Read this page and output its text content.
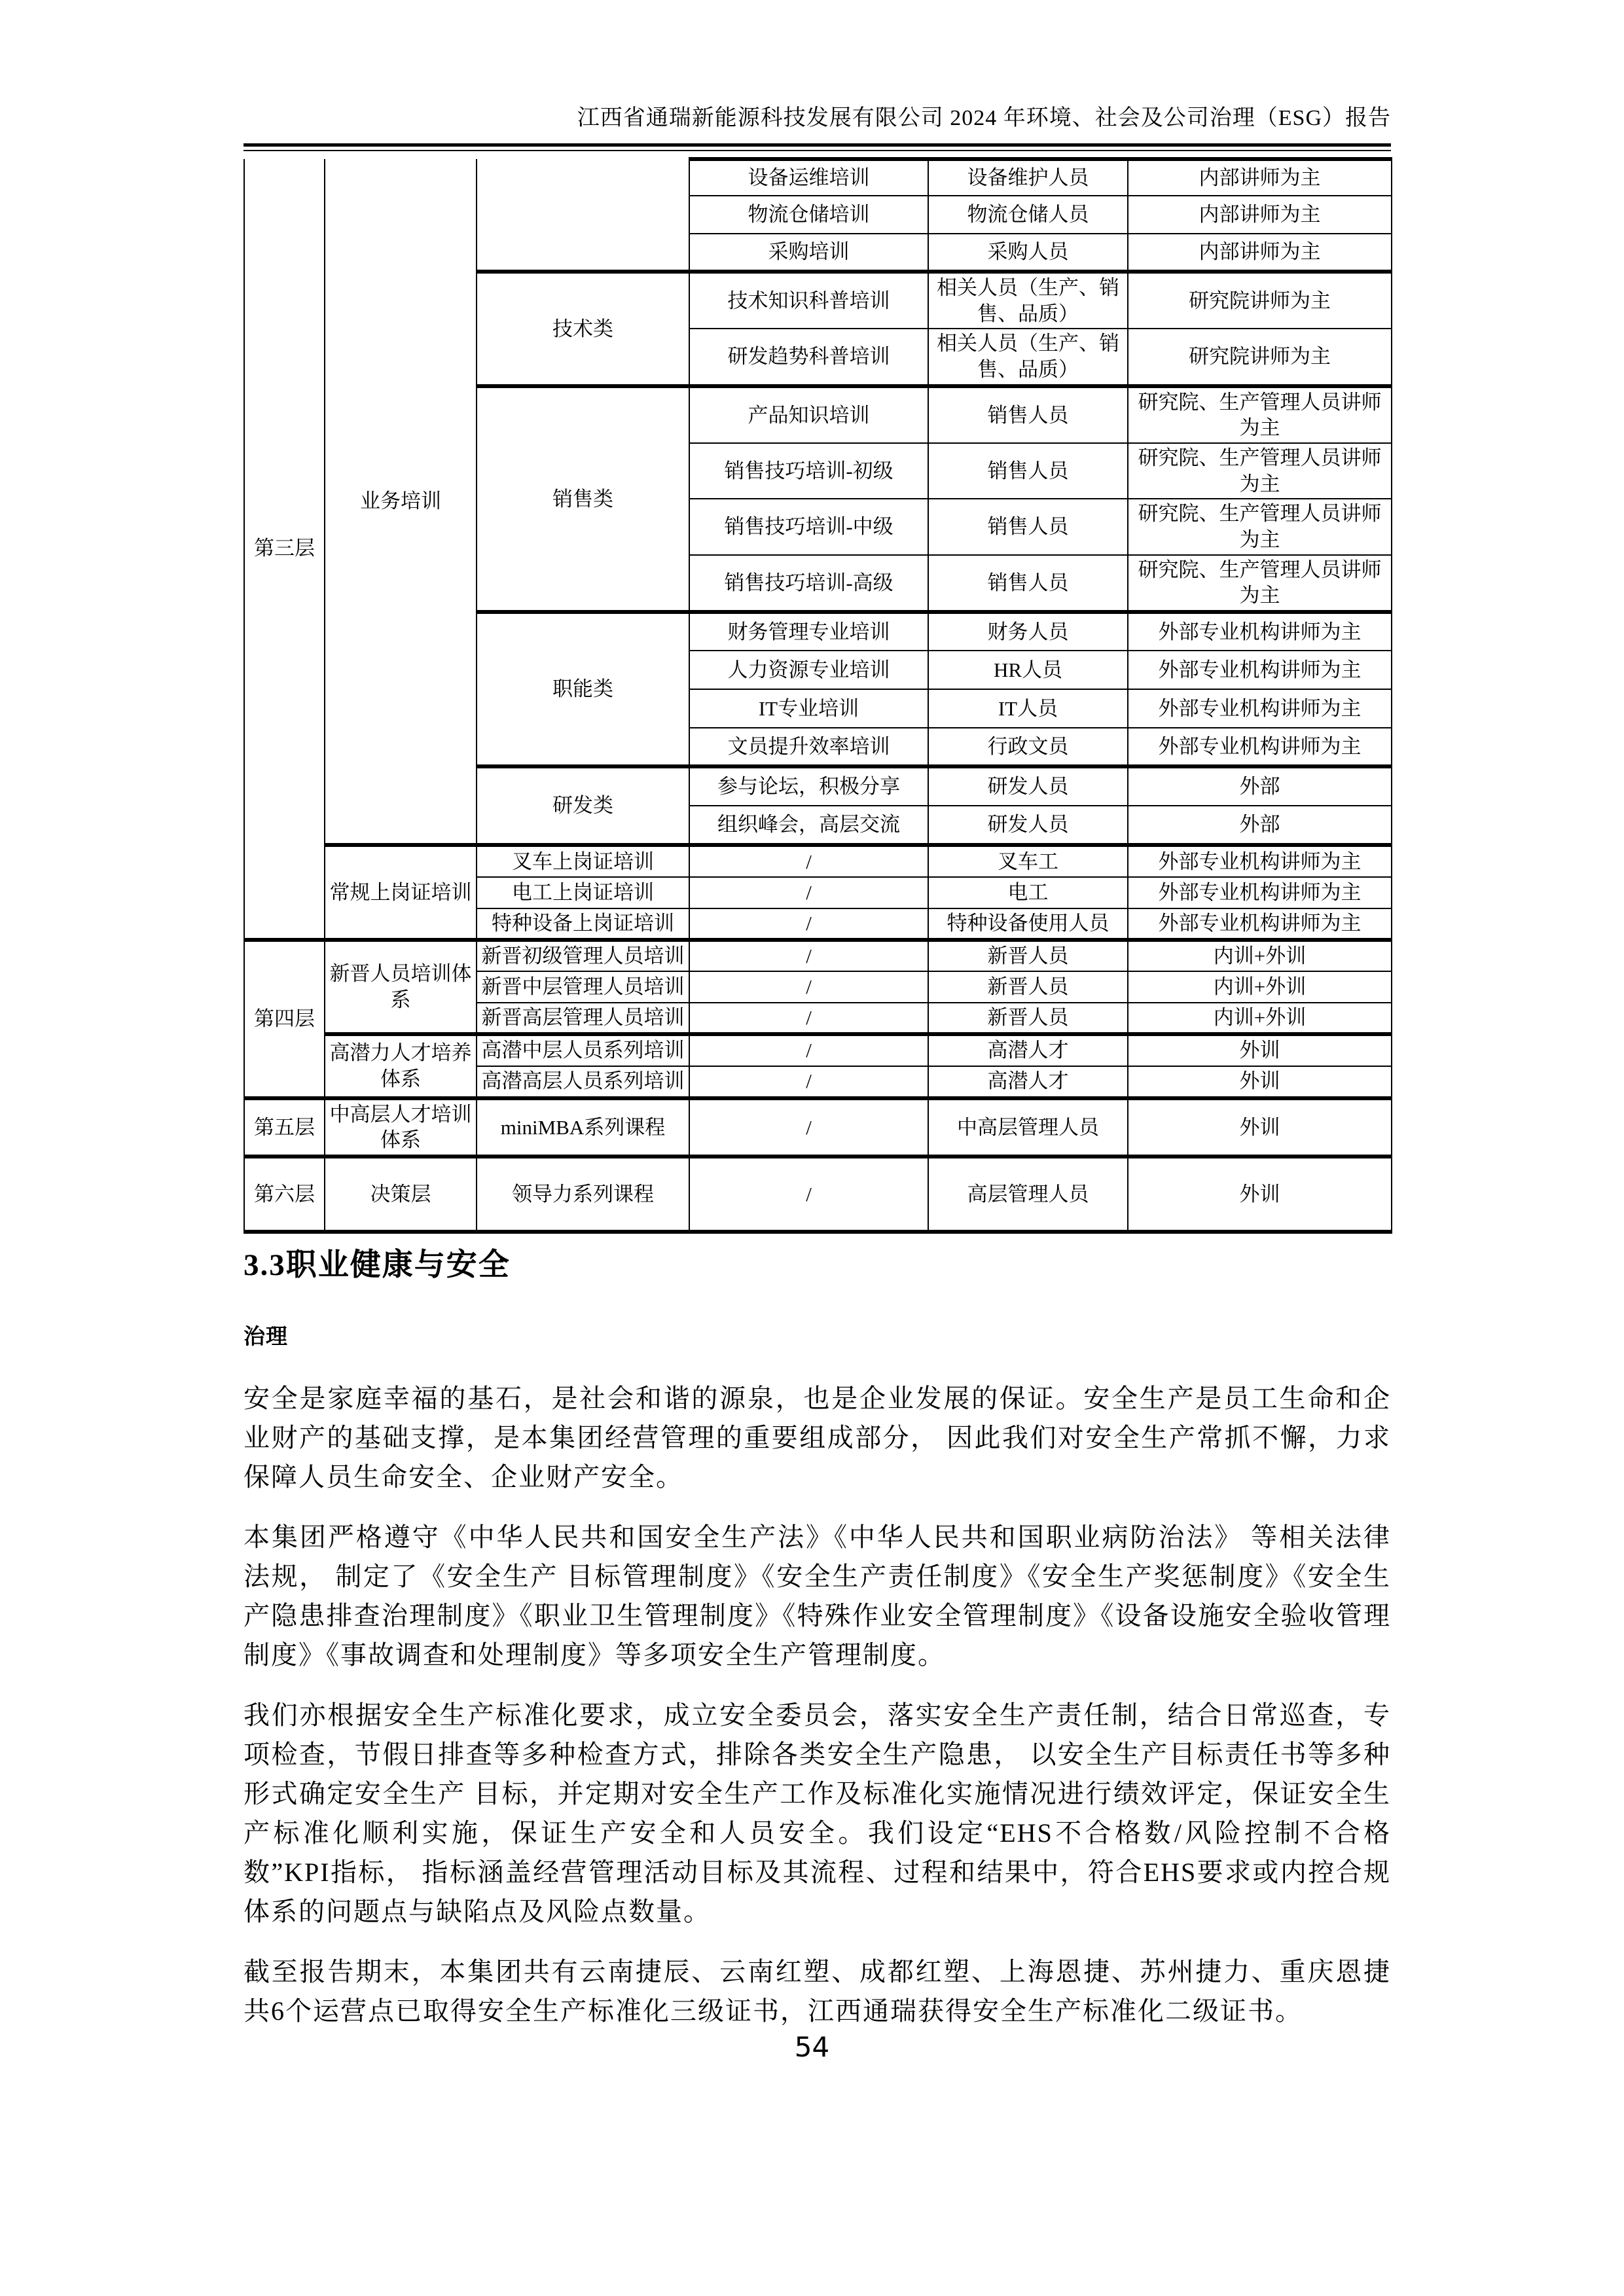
江西省通瑞新能源科技发展有限公司 2024 年环境、社会及公司治理（ESG）报告
第三层	业务培训		设备运维培训	设备维护人员	内部讲师为主
			物流仓储培训	物流仓储人员	内部讲师为主
			采购培训	采购人员	内部讲师为主
		技术类	技术知识科普培训	相关人员（生产、销售、品质）	研究院讲师为主
			研发趋势科普培训	相关人员（生产、销售、品质）	研究院讲师为主
		销售类	产品知识培训	销售人员	研究院、生产管理人员讲师为主
			销售技巧培训-初级	销售人员	研究院、生产管理人员讲师为主
			销售技巧培训-中级	销售人员	研究院、生产管理人员讲师为主
			销售技巧培训-高级	销售人员	研究院、生产管理人员讲师为主
		职能类	财务管理专业培训	财务人员	外部专业机构讲师为主
			人力资源专业培训	HR人员	外部专业机构讲师为主
			IT专业培训	IT人员	外部专业机构讲师为主
			文员提升效率培训	行政文员	外部专业机构讲师为主
		研发类	参与论坛，积极分享	研发人员	外部
			组织峰会，高层交流	研发人员	外部
	常规上岗证培训	叉车上岗证培训	/	叉车工	外部专业机构讲师为主
		电工上岗证培训	/	电工	外部专业机构讲师为主
		特种设备上岗证培训	/	特种设备使用人员	外部专业机构讲师为主
第四层	新晋人员培训体系	新晋初级管理人员培训	/	新晋人员	内训+外训
		新晋中层管理人员培训	/	新晋人员	内训+外训
		新晋高层管理人员培训	/	新晋人员	内训+外训
	高潜力人才培养体系	高潜中层人员系列培训	/	高潜人才	外训
		高潜高层人员系列培训	/	高潜人才	外训
第五层	中高层人才培训体系	miniMBA系列课程	/	中高层管理人员	外训
第六层	决策层	领导力系列课程	/	高层管理人员	外训
3.3职业健康与安全
治理

安全是家庭幸福的基石，是社会和谐的源泉，也是企业发展的保证。安全生产是员工生命和企业财产的基础支撑，是本集团经营管理的重要组成部分， 因此我们对安全生产常抓不懈，力求保障人员生命安全、企业财产安全。

本集团严格遵守《中华人民共和国安全生产法》《中华人民共和国职业病防治法》 等相关法律法规， 制定了《安全生产 目标管理制度》《安全生产责任制度》《安全生产奖惩制度》《安全生产隐患排查治理制度》《职业卫生管理制度》《特殊作业安全管理制度》《设备设施安全验收管理制度》《事故调查和处理制度》等多项安全生产管理制度。

我们亦根据安全生产标准化要求，成立安全委员会，落实安全生产责任制，结合日常巡查，专项检查，节假日排查等多种检查方式，排除各类安全生产隐患， 以安全生产目标责任书等多种形式确定安全生产 目标，并定期对安全生产工作及标准化实施情况进行绩效评定，保证安全生产标准化顺利实施，保证生产安全和人员安全。我们设定“EHS不合格数/风险控制不合格数”KPI指标， 指标涵盖经营管理活动目标及其流程、过程和结果中，符合EHS要求或内控合规体系的问题点与缺陷点及风险点数量。

截至报告期末，本集团共有云南捷辰、云南红塑、成都红塑、上海恩捷、苏州捷力、重庆恩捷共6个运营点已取得安全生产标准化三级证书，江西通瑞获得安全生产标准化二级证书。

54
